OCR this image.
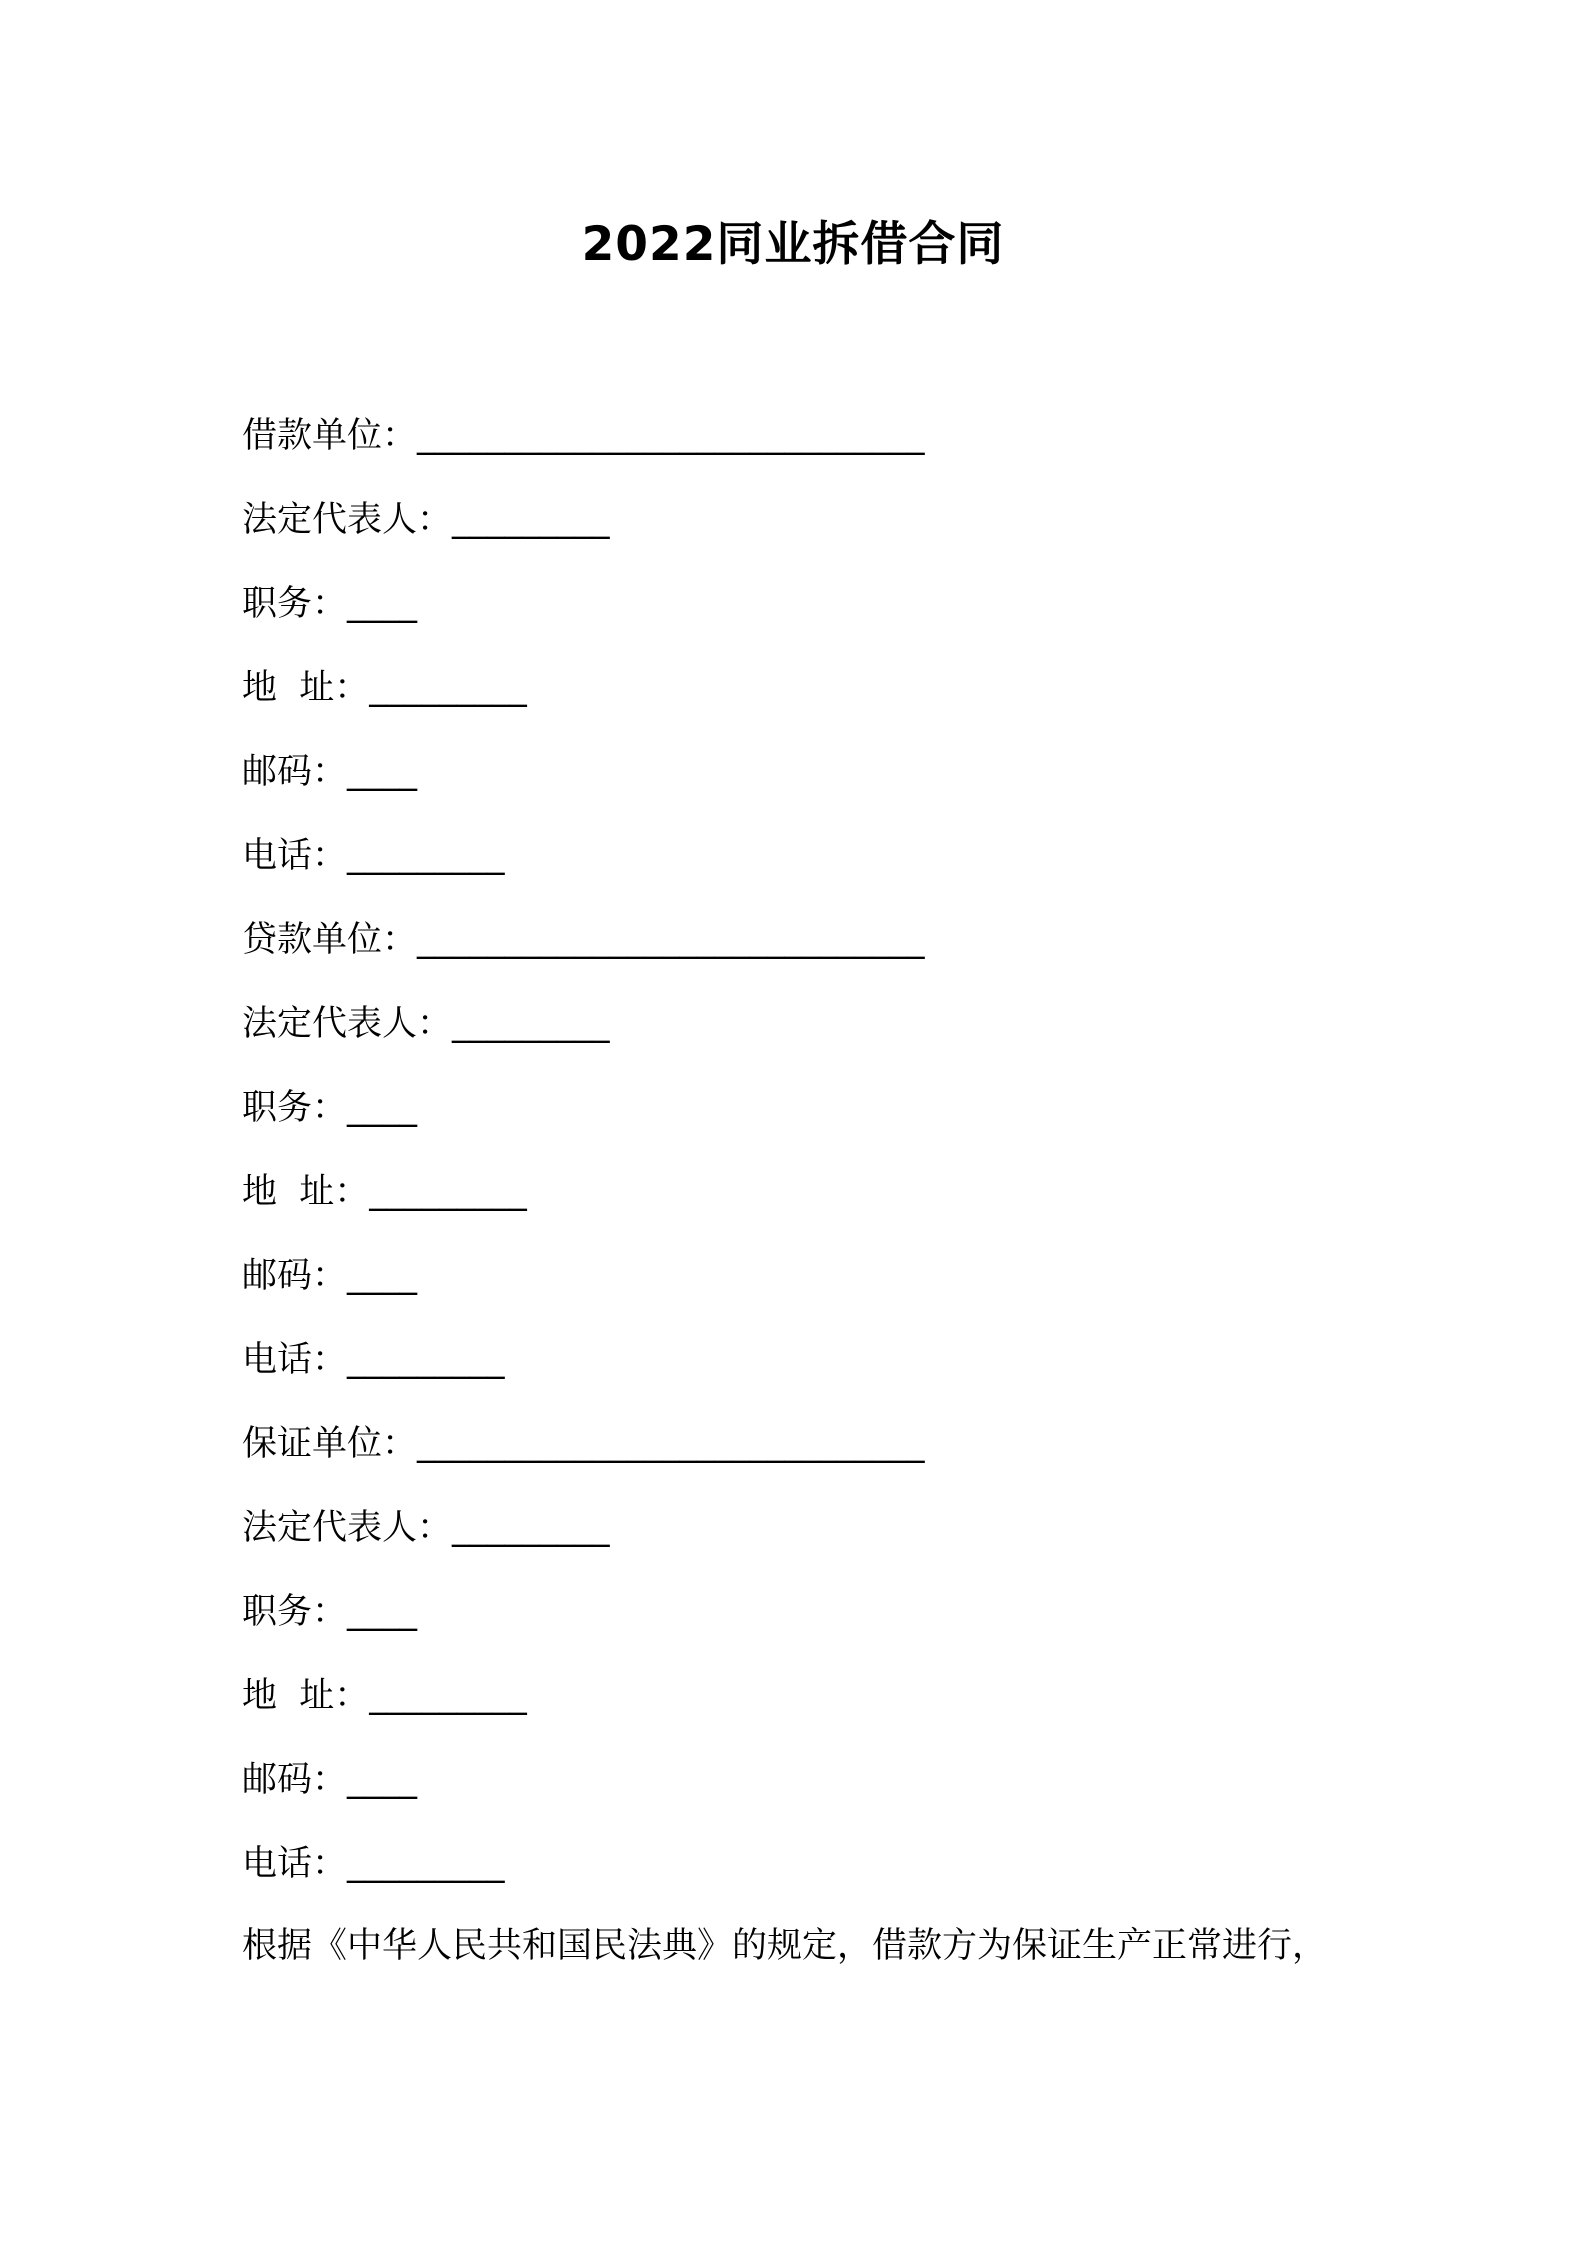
2022同业拆借合同
借款单位： _____________________________
法定代表人： _________
职务： ____
地  址： _________
邮码： ____
电话： _________
贷款单位： _____________________________
法定代表人： _________
职务： ____
地  址： _________
邮码： ____
电话： _________
保证单位： _____________________________
法定代表人： _________
职务： ____
地  址： _________
邮码： ____
电话： _________

根据《中华人民共和国民法典》的规定，借款方为保证生产正常进行，
